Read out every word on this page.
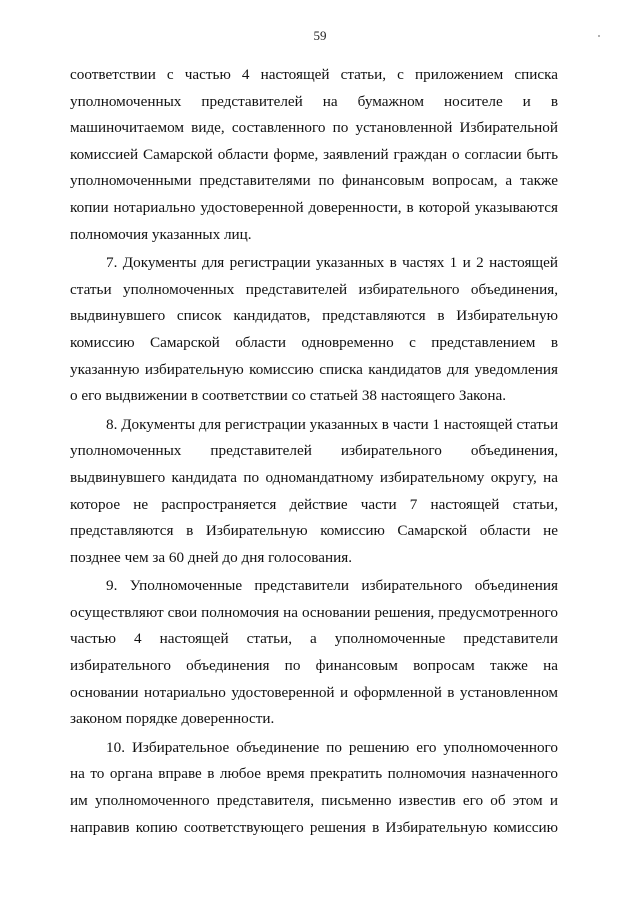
59
соответствии с частью 4 настоящей статьи, с приложением списка
уполномоченных представителей на бумажном носителе и в
машиночитаемом виде, составленного по установленной Избирательной
комиссией Самарской области форме, заявлений граждан о согласии быть
уполномоченными представителями по финансовым вопросам, а также
копии нотариально удостоверенной доверенности, в которой указываются
полномочия указанных лиц.
7. Документы для регистрации указанных в частях 1 и 2 настоящей
статьи уполномоченных представителей избирательного объединения,
выдвинувшего список кандидатов, представляются в Избирательную
комиссию Самарской области одновременно с представлением в
указанную избирательную комиссию списка кандидатов для уведомления
о его выдвижении в соответствии со статьей 38 настоящего Закона.
8. Документы для регистрации указанных в части 1 настоящей статьи
уполномоченных представителей избирательного объединения,
выдвинувшего кандидата по одномандатному избирательному округу, на
которое не распространяется действие части 7 настоящей статьи,
представляются в Избирательную комиссию Самарской области не
позднее чем за 60 дней до дня голосования.
9. Уполномоченные представители избирательного объединения
осуществляют свои полномочия на основании решения, предусмотренного
частью 4 настоящей статьи, а уполномоченные представители
избирательного объединения по финансовым вопросам также на
основании нотариально удостоверенной и оформленной в установленном
законом порядке доверенности.
10. Избирательное объединение по решению его уполномоченного
на то органа вправе в любое время прекратить полномочия назначенного
им уполномоченного представителя, письменно известив его об этом и
направив копию соответствующего решения в Избирательную комиссию
